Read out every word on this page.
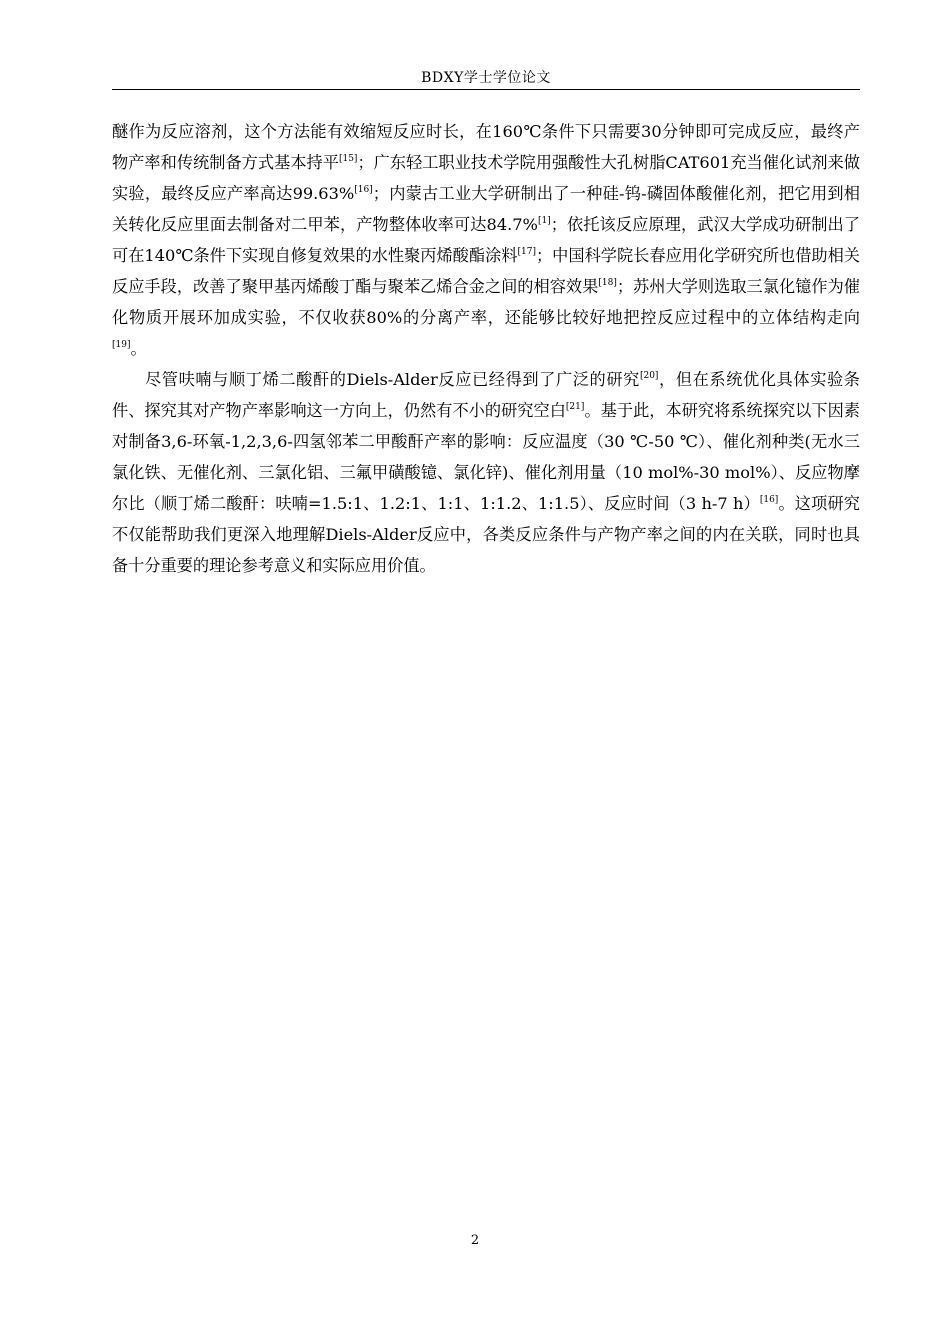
BDXY学士学位论文

醚作为反应溶剂，这个方法能有效缩短反应时长，在160℃条件下只需要30分钟即可完成反应，最终产物产率和传统制备方式基本持平[15]；广东轻工职业技术学院用强酸性大孔树脂CAT601充当催化试剂来做实验，最终反应产率高达99.63%[16]；内蒙古工业大学研制出了一种硅-钨-磷固体酸催化剂，把它用到相关转化反应里面去制备对二甲苯，产物整体收率可达84.7%[1]；依托该反应原理，武汉大学成功研制出了可在140℃条件下实现自修复效果的水性聚丙烯酸酯涂料[17]；中国科学院长春应用化学研究所也借助相关反应手段，改善了聚甲基丙烯酸丁酯与聚苯乙烯合金之间的相容效果[18]；苏州大学则选取三氯化镱作为催化物质开展环加成实验，不仅收获80%的分离产率，还能够比较好地把控反应过程中的立体结构走向[19]。

尽管呋喃与顺丁烯二酸酐的Diels-Alder反应已经得到了广泛的研究[20]，但在系统优化具体实验条件、探究其对产物产率影响这一方向上，仍然有不小的研究空白[21]。基于此，本研究将系统探究以下因素对制备3,6-环氧-1,2,3,6-四氢邻苯二甲酸酐产率的影响：反应温度（30 ℃-50 ℃）、催化剂种类(无水三氯化铁、无催化剂、三氯化铝、三氟甲磺酸镱、氯化锌)、催化剂用量（10 mol%-30 mol%）、反应物摩尔比（顺丁烯二酸酐：呋喃=1.5:1、1.2:1、1:1、1:1.2、1:1.5）、反应时间（3 h-7 h）[16]。这项研究不仅能帮助我们更深入地理解Diels-Alder反应中，各类反应条件与产物产率之间的内在关联，同时也具备十分重要的理论参考意义和实际应用价值。

2
